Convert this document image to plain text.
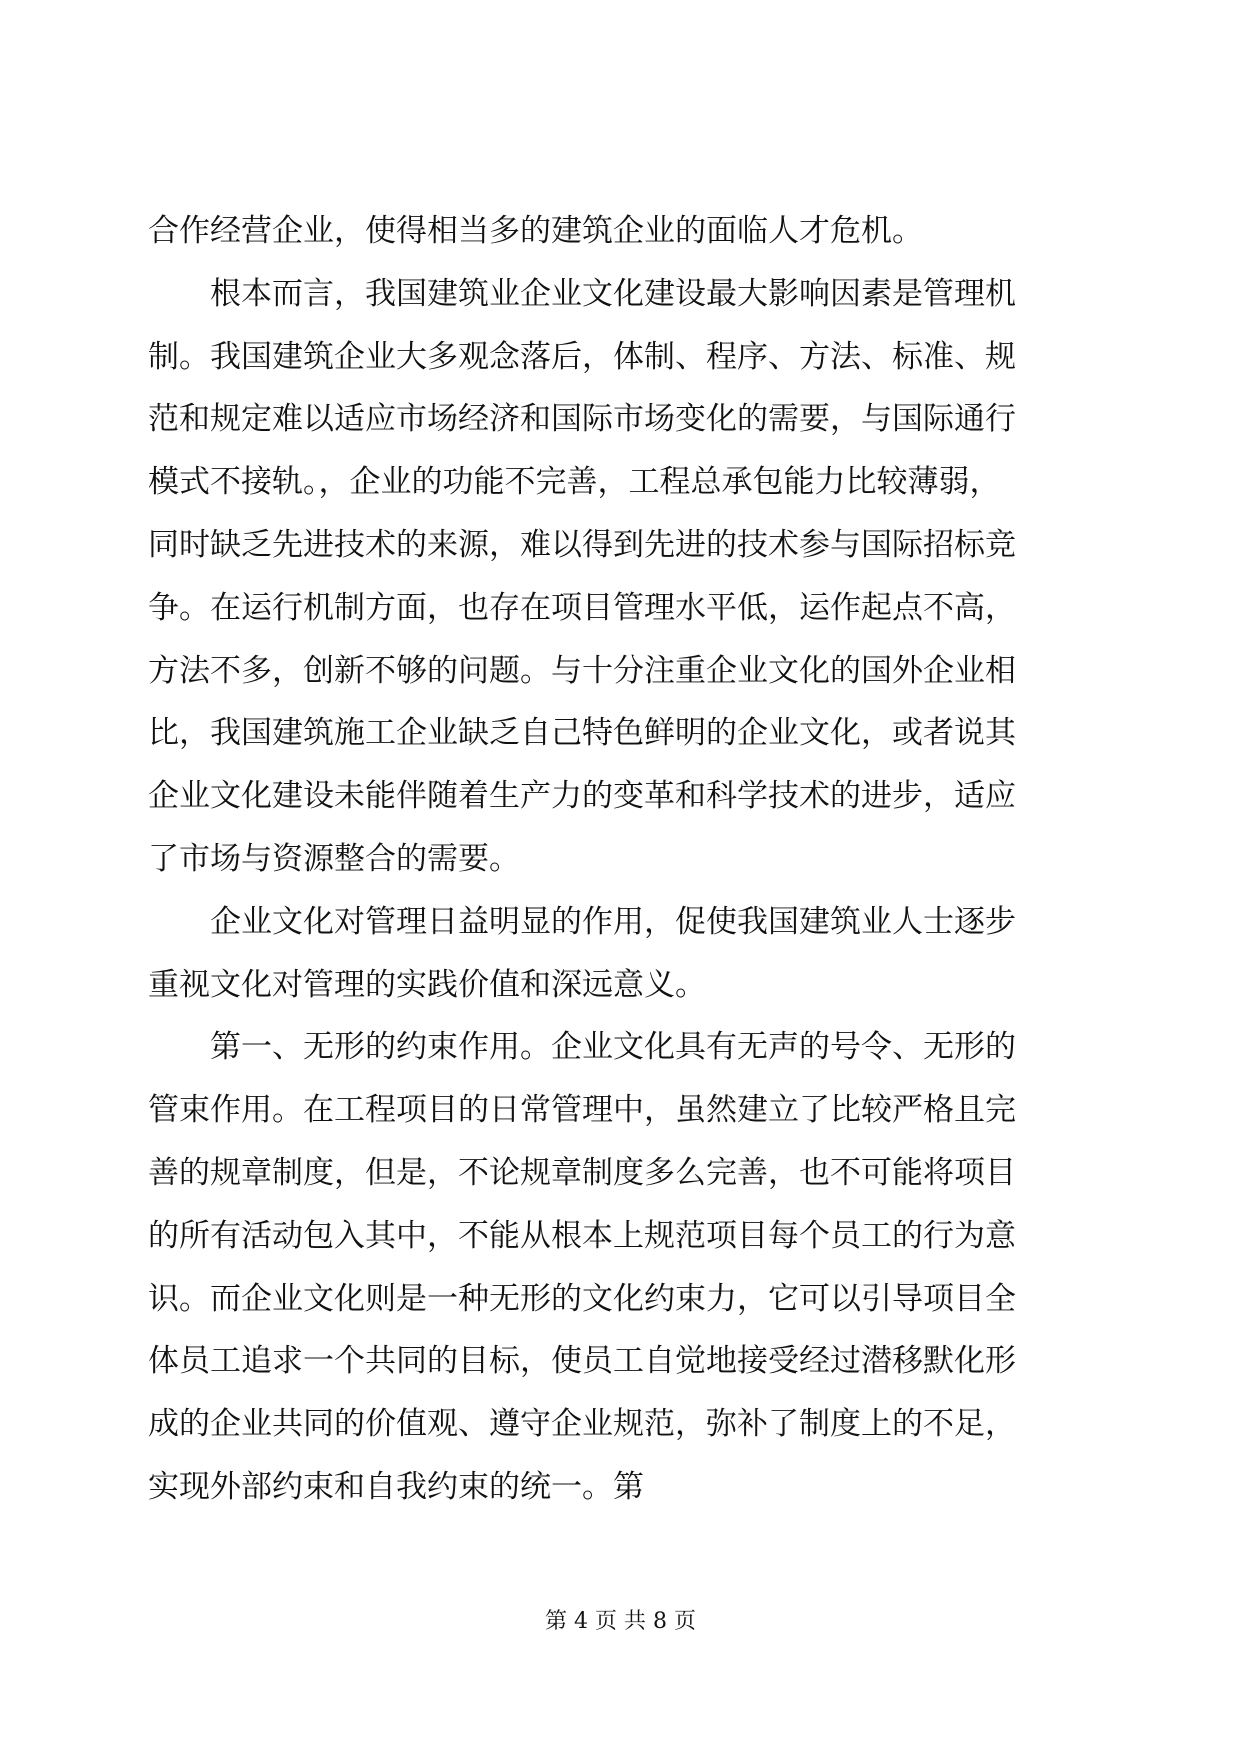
合作经营企业，使得相当多的建筑企业的面临人才危机。
　　根本而言，我国建筑业企业文化建设最大影响因素是管理机
制。我国建筑企业大多观念落后，体制、程序、方法、标准、规
范和规定难以适应市场经济和国际市场变化的需要，与国际通行
模式不接轨。，企业的功能不完善，工程总承包能力比较薄弱，
同时缺乏先进技术的来源，难以得到先进的技术参与国际招标竞
争。在运行机制方面，也存在项目管理水平低，运作起点不高，
方法不多，创新不够的问题。与十分注重企业文化的国外企业相
比，我国建筑施工企业缺乏自己特色鲜明的企业文化，或者说其
企业文化建设未能伴随着生产力的变革和科学技术的进步，适应
了市场与资源整合的需要。
　　企业文化对管理日益明显的作用，促使我国建筑业人士逐步
重视文化对管理的实践价值和深远意义。
　　第一、无形的约束作用。企业文化具有无声的号令、无形的
管束作用。在工程项目的日常管理中，虽然建立了比较严格且完
善的规章制度，但是，不论规章制度多么完善，也不可能将项目
的所有活动包入其中，不能从根本上规范项目每个员工的行为意
识。而企业文化则是一种无形的文化约束力，它可以引导项目全
体员工追求一个共同的目标，使员工自觉地接受经过潜移默化形
成的企业共同的价值观、遵守企业规范，弥补了制度上的不足，
实现外部约束和自我约束的统一。第
第 4 页 共 8 页
